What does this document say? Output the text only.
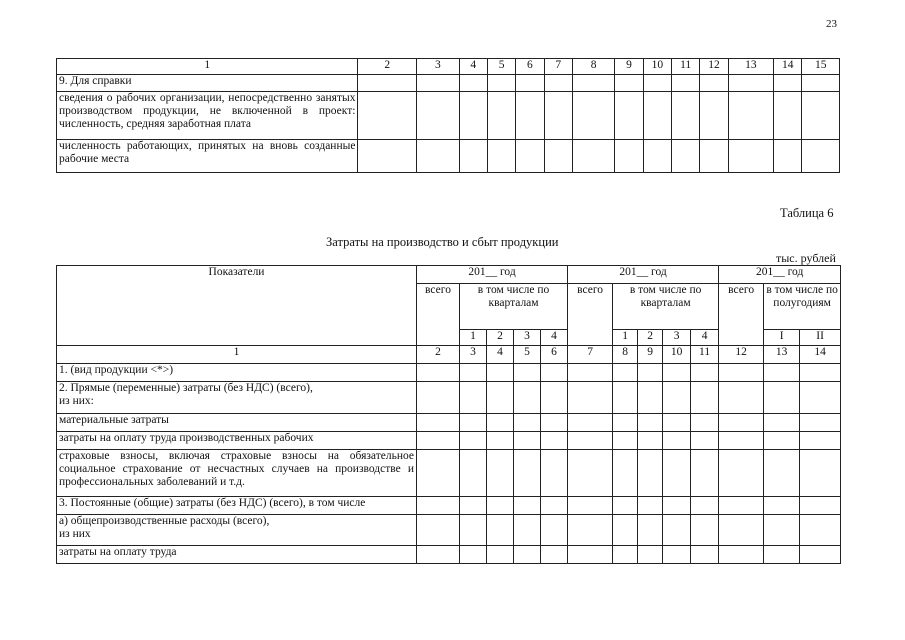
23
1	2	3	4	5	6	7	8	9	10	11	12	13	14	15
9. Для справки														
сведения о рабочих организации, непосредственно занятых производством продукции, не включенной в проект: численность, средняя заработная плата														
численность работающих, принятых на вновь созданные рабочие места														
Таблица 6
Затраты на производство и сбыт продукции
тыс. рублей
Показатели	201__ год					201__ год					201__ год		
	всего	в том числе по кварталам				всего	в том числе по кварталам				всего	в том числе по полугодиям	
		1	2	3	4		1	2	3	4		I	II
1	2	3	4	5	6	7	8	9	10	11	12	13	14
1. (вид продукции <*>)													
2. Прямые (переменные) затраты (без НДС) (всего),
из них:													
материальные затраты													
затраты на оплату труда производственных рабочих													
страховые взносы, включая страховые взносы на обязательное социальное страхование от несчастных случаев на производстве и профессиональных заболеваний и т.д.													
3. Постоянные (общие) затраты (без НДС) (всего), в том числе													
а) общепроизводственные расходы (всего),
из них													
затраты на оплату труда													
